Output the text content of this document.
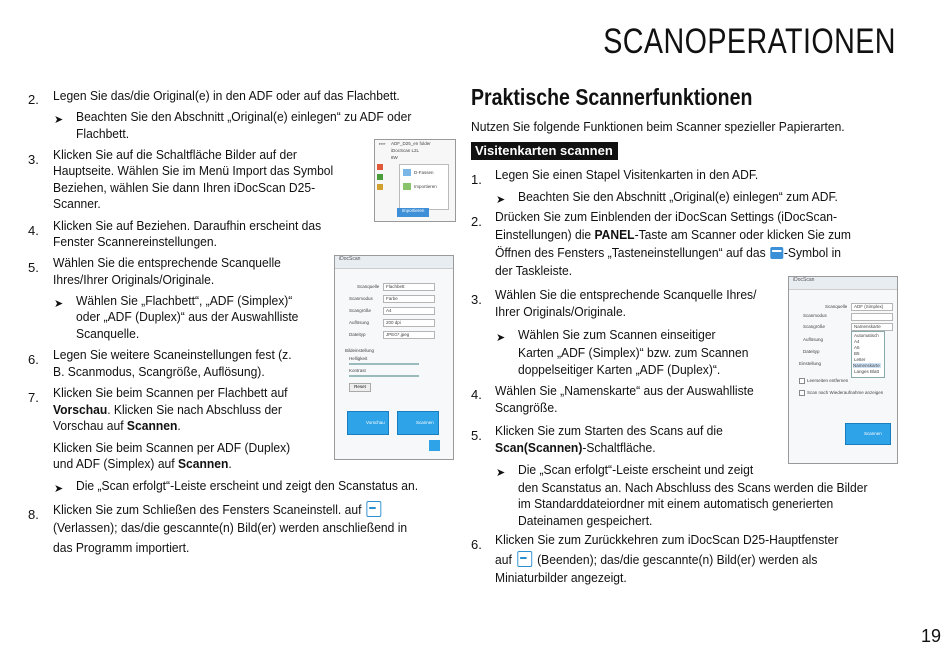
SCANOPERATIONEN
2. Legen Sie das/die Original(e) in den ADF oder auf das Flachbett.
➤ Beachten Sie den Abschnitt „Original(e) einlegen“ zu ADF oder
Flachbett.
3. Klicken Sie auf die Schaltfläche Bilder auf der
Hauptseite. Wählen Sie im Menü Import das Symbol
Beziehen, wählen Sie dann Ihren iDocScan D25-
Scanner.
4. Klicken Sie auf Beziehen. Daraufhin erscheint das
Fenster Scannereinstellungen.
5. Wählen Sie die entsprechende Scanquelle
Ihres/Ihrer Originals/Originale.
➤ Wählen Sie „Flachbett“, „ADF (Simplex)“
oder „ADF (Duplex)“ aus der Auswahlliste
Scanquelle.
6. Legen Sie weitere Scaneinstellungen fest (z.
B. Scanmodus, Scangröße, Auflösung).
7. Klicken Sie beim Scannen per Flachbett auf
Vorschau. Klicken Sie nach Abschluss der
Vorschau auf Scannen.
Klicken Sie beim Scannen per ADF (Duplex)
und ADF (Simplex) auf Scannen.
➤ Die „Scan erfolgt“-Leiste erscheint und zeigt den Scanstatus an.
8. Klicken Sie zum Schließen des Fensters Scaneinstell. auf
(Verlassen); das/die gescannte(n) Bild(er) werden anschließend in
das Programm importiert.
▸▸▸ ADF_D25_en folder
iDocScan L2L
8W
D-Fassen
Importieren
Importieren
iDocScan
Scanquelle Flachbett
Scanmodus	Farbe
Scangröße	A4
Auflösung	200 dpi
Dateityp	JPEG*.jpeg
Bildeinstellung
Helligkeit
Kontrast
Reset
Vorschau	Scannen
Praktische Scannerfunktionen
Nutzen Sie folgende Funktionen beim Scanner spezieller Papierarten.
Visitenkarten scannen
1. Legen Sie einen Stapel Visitenkarten in den ADF.
➤ Beachten Sie den Abschnitt „Original(e) einlegen“ zum ADF.
2. Drücken Sie zum Einblenden der iDocScan Settings (iDocScan-
Einstellungen) die PANEL-Taste am Scanner oder klicken Sie zum
Öffnen des Fensters „Tasteneinstellungen“ auf das -Symbol in
der Taskleiste.
3. Wählen Sie die entsprechende Scanquelle Ihres/
Ihrer Originals/Originale.
➤ Wählen Sie zum Scannen einseitiger
Karten „ADF (Simplex)“ bzw. zum Scannen
doppelseitiger Karten „ADF (Duplex)“.
4. Wählen Sie „Namenskarte“ aus der Auswahlliste
Scangröße.
5. Klicken Sie zum Starten des Scans auf die
Scan(Scannen)-Schaltfläche.
➤ Die „Scan erfolgt“-Leiste erscheint und zeigt
den Scanstatus an. Nach Abschluss des Scans werden die Bilder
im Standarddateiordner mit einem automatisch generierten
Dateinamen gespeichert.
6. Klicken Sie zum Zurückkehren zum iDocScan D25-Hauptfenster
auf (Beenden); das/die gescannte(n) Bild(er) werden als
Miniaturbilder angezeigt.
iDocScan
Scanquelle ADF (Simplex)
Scanmodus
Scangröße	Namenskarte
Automatisch
A4
A5
B5
Letter
Namenskarte
Langes Blatt
Auflösung
Dateityp
Einstellung
Leerseiten entfernen
Scan nach Wiederaufnahme anzeigen
Scannen
19
